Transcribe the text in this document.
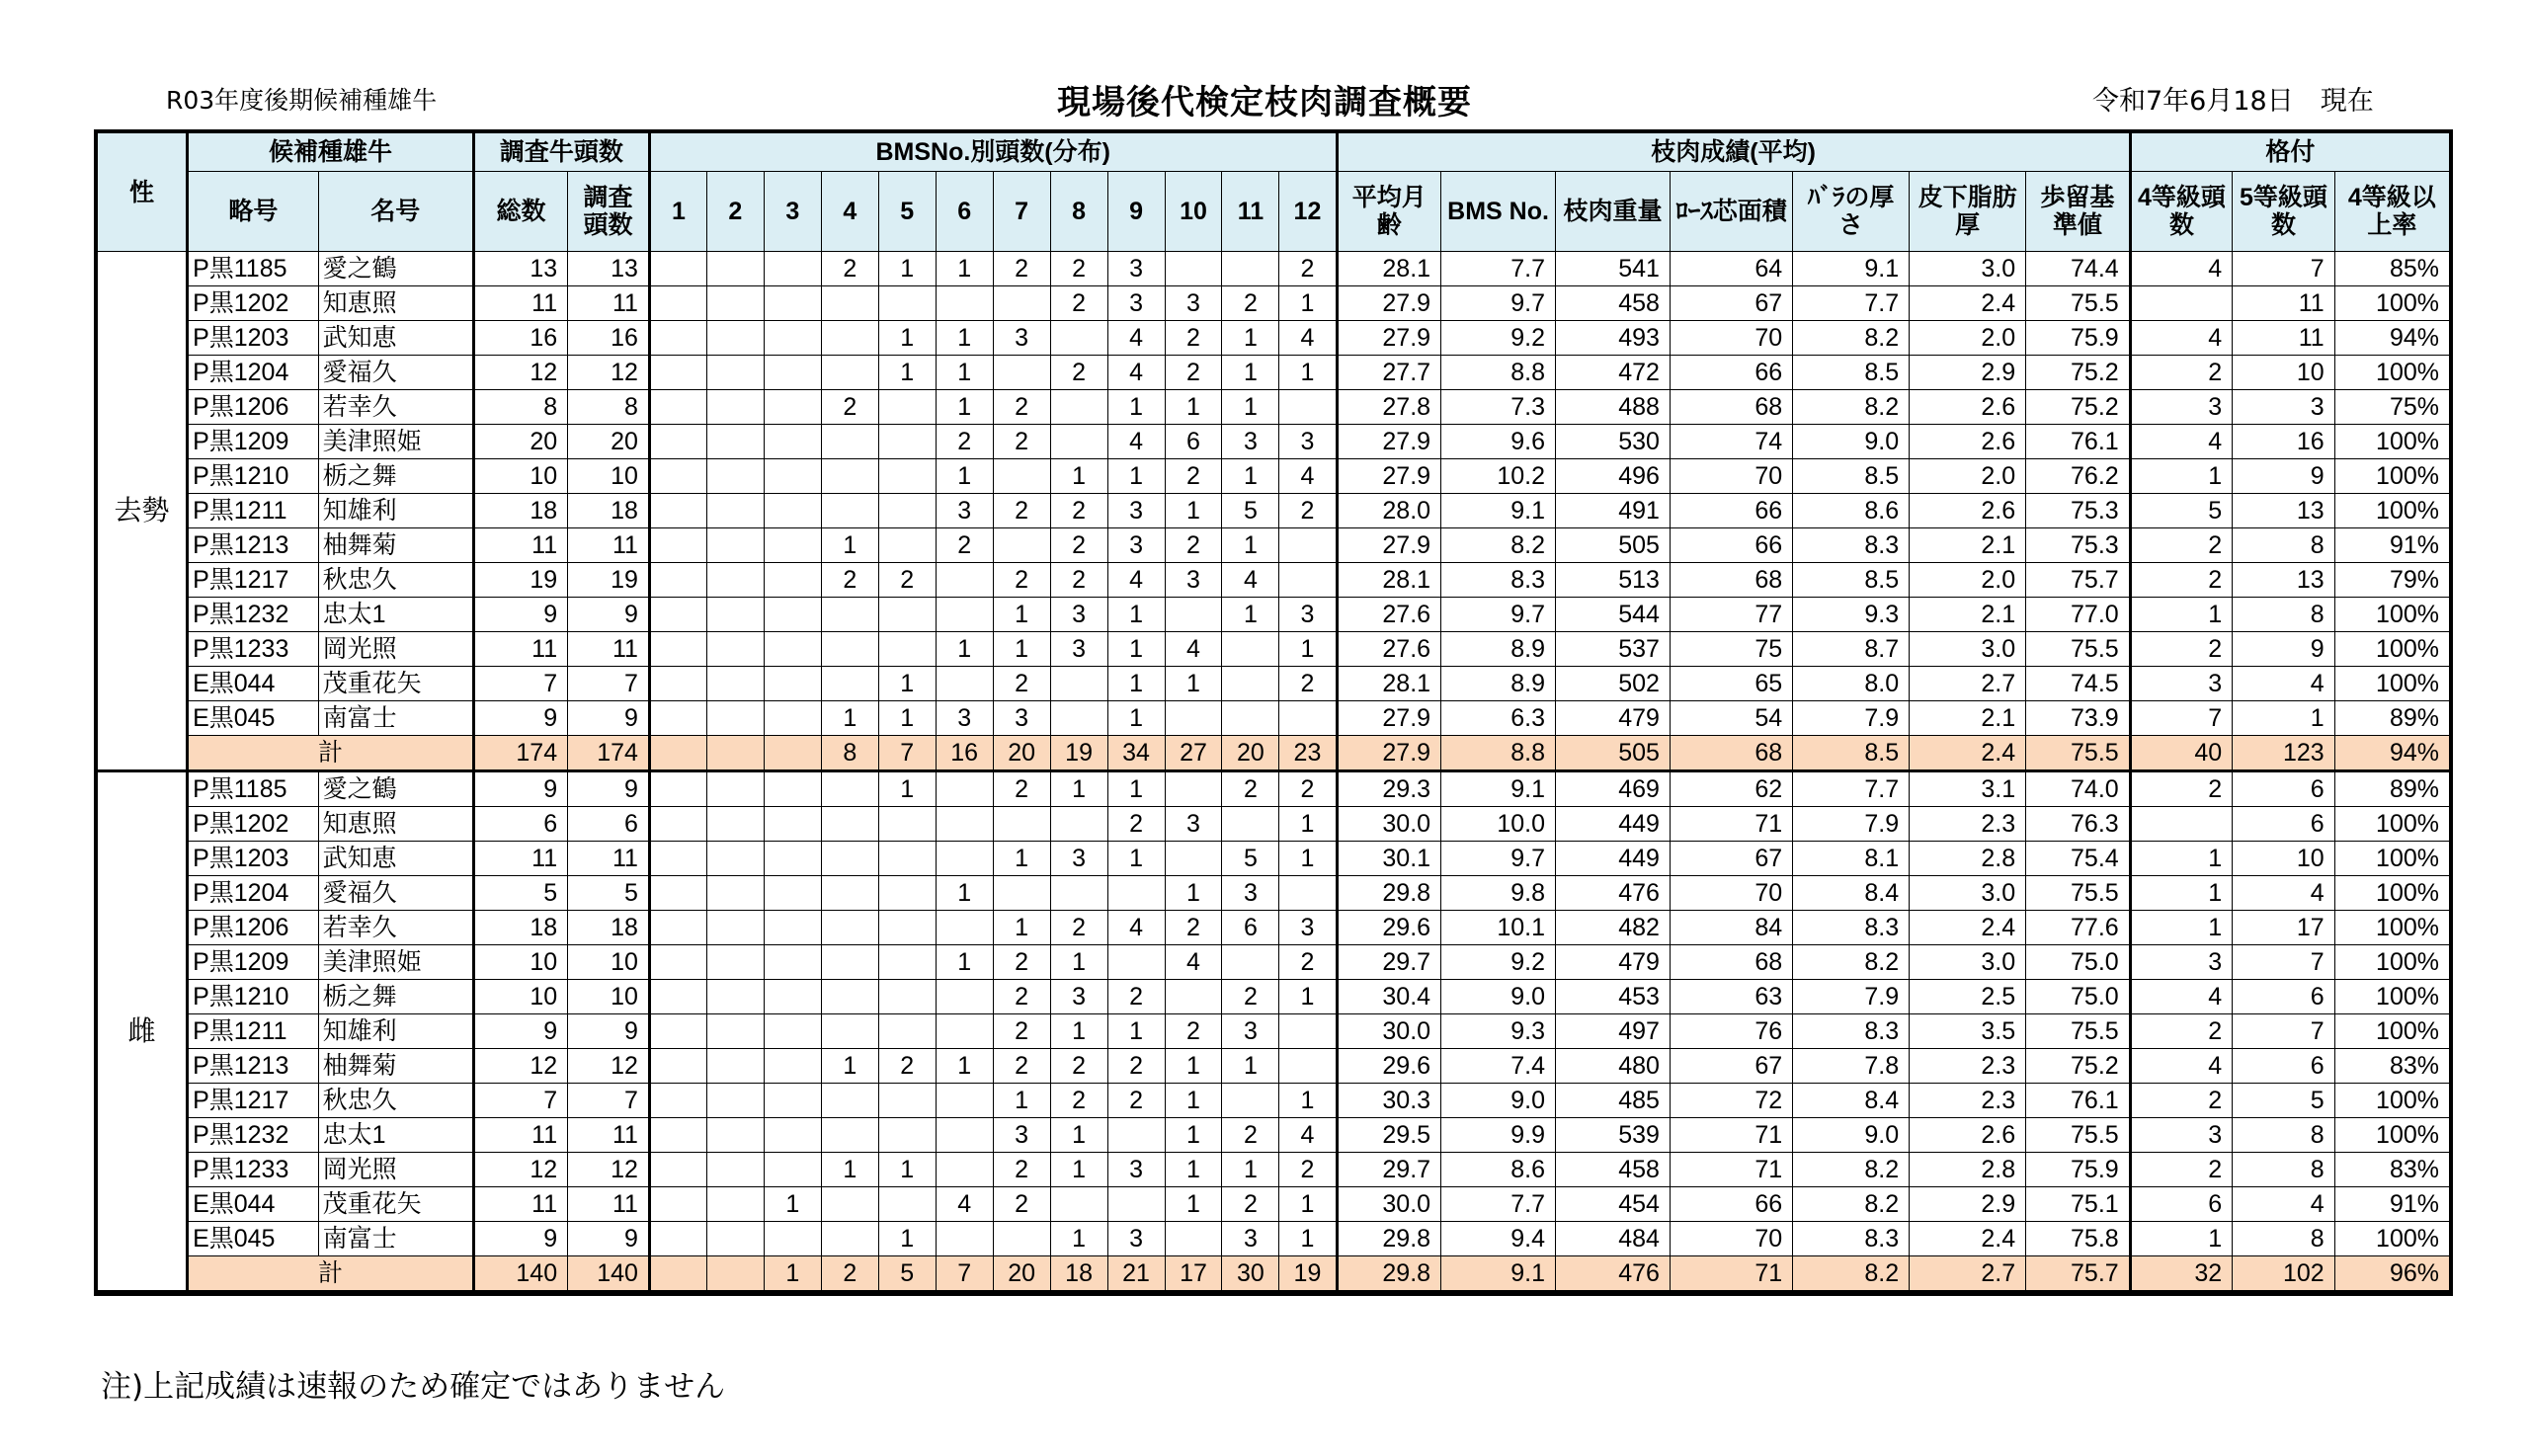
R03年度後期候補種雄牛	現場後代検定枝肉調査概要	令和7年6月18日　現在
性	候補種雄牛		調査牛頭数		BMSNo.別頭数(分布)												枝肉成績(平均)							格付		
	略号	名号	総数	調査頭数	1	2	3	4	5	6	7	8	9	10	11	12	平均月齢	BMS No.	枝肉重量	ﾛｰｽ芯面積	ﾊﾞﾗの厚さ	皮下脂肪厚	歩留基準値	4等級頭数	5等級頭数	4等級以上率
去勢	P黒1185	愛之鶴	13	13				2	1	1	2	2	3			2	28.1	7.7	541	64	9.1	3.0	74.4	4	7	85%
	P黒1202	知恵照	11	11								2	3	3	2	1	27.9	9.7	458	67	7.7	2.4	75.5		11	100%
	P黒1203	武知恵	16	16					1	1	3		4	2	1	4	27.9	9.2	493	70	8.2	2.0	75.9	4	11	94%
	P黒1204	愛福久	12	12					1	1		2	4	2	1	1	27.7	8.8	472	66	8.5	2.9	75.2	2	10	100%
	P黒1206	若幸久	8	8				2		1	2		1	1	1		27.8	7.3	488	68	8.2	2.6	75.2	3	3	75%
	P黒1209	美津照姫	20	20						2	2		4	6	3	3	27.9	9.6	530	74	9.0	2.6	76.1	4	16	100%
	P黒1210	栃之舞	10	10						1		1	1	2	1	4	27.9	10.2	496	70	8.5	2.0	76.2	1	9	100%
	P黒1211	知雄利	18	18						3	2	2	3	1	5	2	28.0	9.1	491	66	8.6	2.6	75.3	5	13	100%
	P黒1213	柚舞菊	11	11				1		2		2	3	2	1		27.9	8.2	505	66	8.3	2.1	75.3	2	8	91%
	P黒1217	秋忠久	19	19				2	2		2	2	4	3	4		28.1	8.3	513	68	8.5	2.0	75.7	2	13	79%
	P黒1232	忠太1	9	9							1	3	1		1	3	27.6	9.7	544	77	9.3	2.1	77.0	1	8	100%
	P黒1233	岡光照	11	11						1	1	3	1	4		1	27.6	8.9	537	75	8.7	3.0	75.5	2	9	100%
	E黒044	茂重花矢	7	7					1		2		1	1		2	28.1	8.9	502	65	8.0	2.7	74.5	3	4	100%
	E黒045	南富士	9	9				1	1	3	3		1				27.9	6.3	479	54	7.9	2.1	73.9	7	1	89%
	計		174	174				8	7	16	20	19	34	27	20	23	27.9	8.8	505	68	8.5	2.4	75.5	40	123	94%
雌	P黒1185	愛之鶴	9	9					1		2	1	1		2	2	29.3	9.1	469	62	7.7	3.1	74.0	2	6	89%
	P黒1202	知恵照	6	6									2	3		1	30.0	10.0	449	71	7.9	2.3	76.3		6	100%
	P黒1203	武知恵	11	11							1	3	1		5	1	30.1	9.7	449	67	8.1	2.8	75.4	1	10	100%
	P黒1204	愛福久	5	5						1				1	3		29.8	9.8	476	70	8.4	3.0	75.5	1	4	100%
	P黒1206	若幸久	18	18							1	2	4	2	6	3	29.6	10.1	482	84	8.3	2.4	77.6	1	17	100%
	P黒1209	美津照姫	10	10						1	2	1		4		2	29.7	9.2	479	68	8.2	3.0	75.0	3	7	100%
	P黒1210	栃之舞	10	10							2	3	2		2	1	30.4	9.0	453	63	7.9	2.5	75.0	4	6	100%
	P黒1211	知雄利	9	9							2	1	1	2	3		30.0	9.3	497	76	8.3	3.5	75.5	2	7	100%
	P黒1213	柚舞菊	12	12				1	2	1	2	2	2	1	1		29.6	7.4	480	67	7.8	2.3	75.2	4	6	83%
	P黒1217	秋忠久	7	7							1	2	2	1		1	30.3	9.0	485	72	8.4	2.3	76.1	2	5	100%
	P黒1232	忠太1	11	11							3	1		1	2	4	29.5	9.9	539	71	9.0	2.6	75.5	3	8	100%
	P黒1233	岡光照	12	12				1	1		2	1	3	1	1	2	29.7	8.6	458	71	8.2	2.8	75.9	2	8	83%
	E黒044	茂重花矢	11	11			1			4	2			1	2	1	30.0	7.7	454	66	8.2	2.9	75.1	6	4	91%
	E黒045	南富士	9	9					1			1	3		3	1	29.8	9.4	484	70	8.3	2.4	75.8	1	8	100%
	計		140	140			1	2	5	7	20	18	21	17	30	19	29.8	9.1	476	71	8.2	2.7	75.7	32	102	96%
注)上記成績は速報のため確定ではありません
